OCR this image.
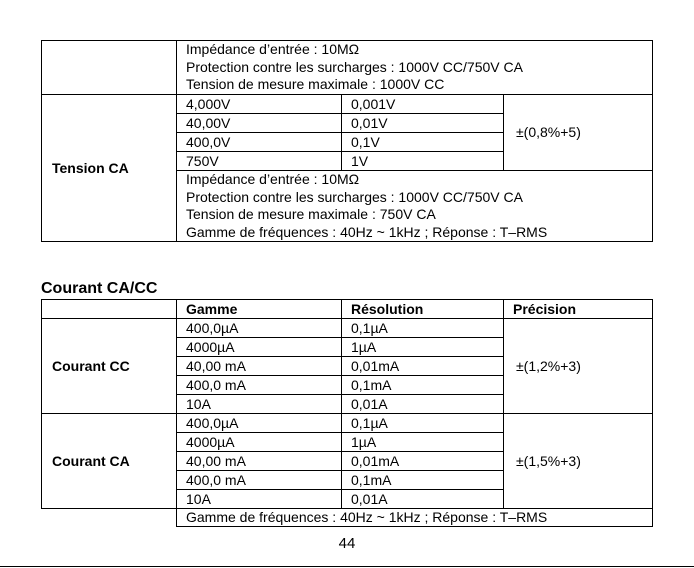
	Impédance d’entrée : 10MΩ
Protection contre les surcharges : 1000V CC/750V CA
Tension de mesure maximale : 1000V CC		

Tension CA	4,000V	0,001V	±(0,8%+5)
	40,00V	0,01V	
	400,0V	0,1V	
	750V	1V	

	Impédance d’entrée : 10MΩ
Protection contre les surcharges : 1000V CC/750V CA
Tension de mesure maximale : 750V CA
Gamme de fréquences : 40Hz ~ 1kHz ; Réponse : T–RMS		
Courant CA/CC
	Gamme	Résolution	Précision
Courant CC	400,0µA	0,1µA	±(1,2%+3)
	4000µA	1µA	
	40,00 mA	0,01mA	
	400,0 mA	0,1mA	
	10A	0,01A	
Courant CA	400,0µA	0,1µA	±(1,5%+3)
	4000µA	1µA	
	40,00 mA	0,01mA	
	400,0 mA	0,1mA	
	10A	0,01A	
	Gamme de fréquences : 40Hz ~ 1kHz ; Réponse : T–RMS		
44
